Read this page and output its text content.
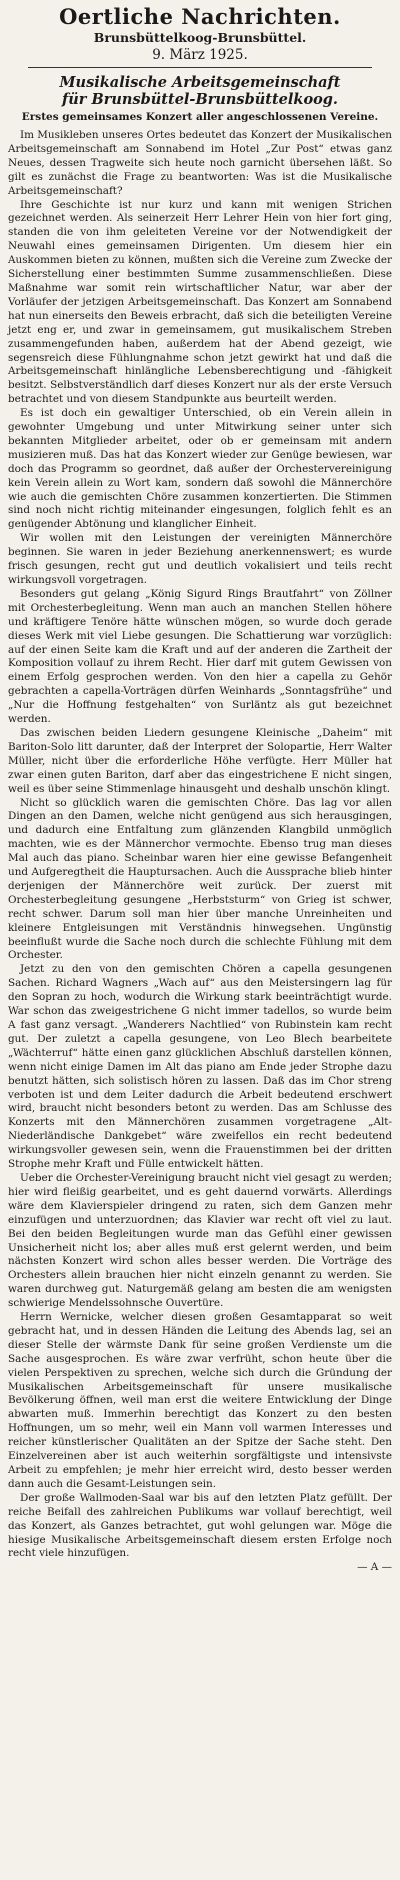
Oertliche Nachrichten.
Brunsbüttelkoog-Brunsbüttel.
9. März 1925.
Musikalische Arbeitsgemeinschaft
für Brunsbüttel-Brunsbüttelkoog.
Erstes gemeinsames Konzert aller angeschlossenen Vereine.

Im Musikleben unseres Ortes bedeutet das Konzert der Musikalischen Arbeitsgemeinschaft am Sonnabend im Hotel „Zur Post“ etwas ganz Neues, dessen Tragweite sich heute noch garnicht übersehen läßt. So gilt es zunächst die Frage zu beantworten: Was ist die Musikalische Arbeitsgemeinschaft?

Ihre Geschichte ist nur kurz und kann mit wenigen Strichen gezeichnet werden. Als seinerzeit Herr Lehrer Hein von hier fort ging, standen die von ihm geleiteten Vereine vor der Notwendigkeit der Neuwahl eines gemeinsamen Dirigenten. Um diesem hier ein Auskommen bieten zu können, mußten sich die Vereine zum Zwecke der Sicherstellung einer bestimmten Summe zusammenschließen. Diese Maßnahme war somit rein wirtschaftlicher Natur, war aber der Vorläufer der jetzigen Arbeitsgemeinschaft. Das Konzert am Sonnabend hat nun einerseits den Beweis erbracht, daß sich die beteiligten Vereine jetzt eng er, und zwar in gemeinsamem, gut musikalischem Streben zusammengefunden haben, außerdem hat der Abend gezeigt, wie segensreich diese Fühlungnahme schon jetzt gewirkt hat und daß die Arbeitsgemeinschaft hinlängliche Lebensberechtigung und -fähigkeit besitzt. Selbstverständlich darf dieses Konzert nur als der erste Versuch betrachtet und von diesem Standpunkte aus beurteilt werden.

Es ist doch ein gewaltiger Unterschied, ob ein Verein allein in gewohnter Umgebung und unter Mitwirkung seiner unter sich bekannten Mitglieder arbeitet, oder ob er gemeinsam mit andern musizieren muß. Das hat das Konzert wieder zur Genüge bewiesen, war doch das Programm so geordnet, daß außer der Orchestervereinigung kein Verein allein zu Wort kam, sondern daß sowohl die Männerchöre wie auch die gemischten Chöre zusammen konzertierten. Die Stimmen sind noch nicht richtig miteinander eingesungen, folglich fehlt es an genügender Abtönung und klanglicher Einheit.

Wir wollen mit den Leistungen der vereinigten Männerchöre beginnen. Sie waren in jeder Beziehung anerkennenswert; es wurde frisch gesungen, recht gut und deutlich vokalisiert und teils recht wirkungsvoll vorgetragen.

Besonders gut gelang „König Sigurd Rings Brautfahrt“ von Zöllner mit Orchesterbegleitung. Wenn man auch an manchen Stellen höhere und kräftigere Tenöre hätte wünschen mögen, so wurde doch gerade dieses Werk mit viel Liebe gesungen. Die Schattierung war vorzüglich: auf der einen Seite kam die Kraft und auf der anderen die Zartheit der Komposition vollauf zu ihrem Recht. Hier darf mit gutem Gewissen von einem Erfolg gesprochen werden. Von den hier a capella zu Gehör gebrachten a capella-Vorträgen dürfen Weinhards „Sonntagsfrühe“ und „Nur die Hoffnung festgehalten“ von Surläntz als gut bezeichnet werden.

Das zwischen beiden Liedern gesungene Kleinische „Daheim“ mit Bariton-Solo litt darunter, daß der Interpret der Solopartie, Herr Walter Müller, nicht über die erforderliche Höhe verfügte. Herr Müller hat zwar einen guten Bariton, darf aber das eingestrichene E nicht singen, weil es über seine Stimmenlage hinausgeht und deshalb unschön klingt.

Nicht so glücklich waren die gemischten Chöre. Das lag vor allen Dingen an den Damen, welche nicht genügend aus sich herausgingen, und dadurch eine Entfaltung zum glänzenden Klangbild unmöglich machten, wie es der Männerchor vermochte. Ebenso trug man dieses Mal auch das piano. Scheinbar waren hier eine gewisse Befangenheit und Aufgeregtheit die Hauptursachen. Auch die Aussprache blieb hinter derjenigen der Männerchöre weit zurück. Der zuerst mit Orchesterbegleitung gesungene „Herbststurm“ von Grieg ist schwer, recht schwer. Darum soll man hier über manche Unreinheiten und kleinere Entgleisungen mit Verständnis hinwegsehen. Ungünstig beeinflußt wurde die Sache noch durch die schlechte Fühlung mit dem Orchester.

Jetzt zu den von den gemischten Chören a capella gesungenen Sachen. Richard Wagners „Wach auf“ aus den Meistersingern lag für den Sopran zu hoch, wodurch die Wirkung stark beeinträchtigt wurde. War schon das zweigestrichene G nicht immer tadellos, so wurde beim A fast ganz versagt. „Wanderers Nachtlied“ von Rubinstein kam recht gut. Der zuletzt a capella gesungene, von Leo Blech bearbeitete „Wächterruf“ hätte einen ganz glücklichen Abschluß darstellen können, wenn nicht einige Damen im Alt das piano am Ende jeder Strophe dazu benutzt hätten, sich solistisch hören zu lassen. Daß das im Chor streng verboten ist und dem Leiter dadurch die Arbeit bedeutend erschwert wird, braucht nicht besonders betont zu werden. Das am Schlusse des Konzerts mit den Männerchören zusammen vorgetragene „Alt-Niederländische Dankgebet“ wäre zweifellos ein recht bedeutend wirkungsvoller gewesen sein, wenn die Frauenstimmen bei der dritten Strophe mehr Kraft und Fülle entwickelt hätten.

Ueber die Orchester-Vereinigung braucht nicht viel gesagt zu werden; hier wird fleißig gearbeitet, und es geht dauernd vorwärts. Allerdings wäre dem Klavierspieler dringend zu raten, sich dem Ganzen mehr einzufügen und unterzuordnen; das Klavier war recht oft viel zu laut. Bei den beiden Begleitungen wurde man das Gefühl einer gewissen Unsicherheit nicht los; aber alles muß erst gelernt werden, und beim nächsten Konzert wird schon alles besser werden. Die Vorträge des Orchesters allein brauchen hier nicht einzeln genannt zu werden. Sie waren durchweg gut. Naturgemäß gelang am besten die am wenigsten schwierige Mendelssohnsche Ouvertüre.

Herrn Wernicke, welcher diesen großen Gesamtapparat so weit gebracht hat, und in dessen Händen die Leitung des Abends lag, sei an dieser Stelle der wärmste Dank für seine großen Verdienste um die Sache ausgesprochen. Es wäre zwar verfrüht, schon heute über die vielen Perspektiven zu sprechen, welche sich durch die Gründung der Musikalischen Arbeitsgemeinschaft für unsere musikalische Bevölkerung öffnen, weil man erst die weitere Entwicklung der Dinge abwarten muß. Immerhin berechtigt das Konzert zu den besten Hoffnungen, um so mehr, weil ein Mann voll warmen Interesses und reicher künstlerischer Qualitäten an der Spitze der Sache steht. Den Einzelvereinen aber ist auch weiterhin sorgfältigste und intensivste Arbeit zu empfehlen; je mehr hier erreicht wird, desto besser werden dann auch die Gesamt-Leistungen sein.

Der große Wallmoden-Saal war bis auf den letzten Platz gefüllt. Der reiche Beifall des zahlreichen Publikums war vollauf berechtigt, weil das Konzert, als Ganzes betrachtet, gut wohl gelungen war. Möge die hiesige Musikalische Arbeitsgemeinschaft diesem ersten Erfolge noch recht viele hinzufügen.

— A —
